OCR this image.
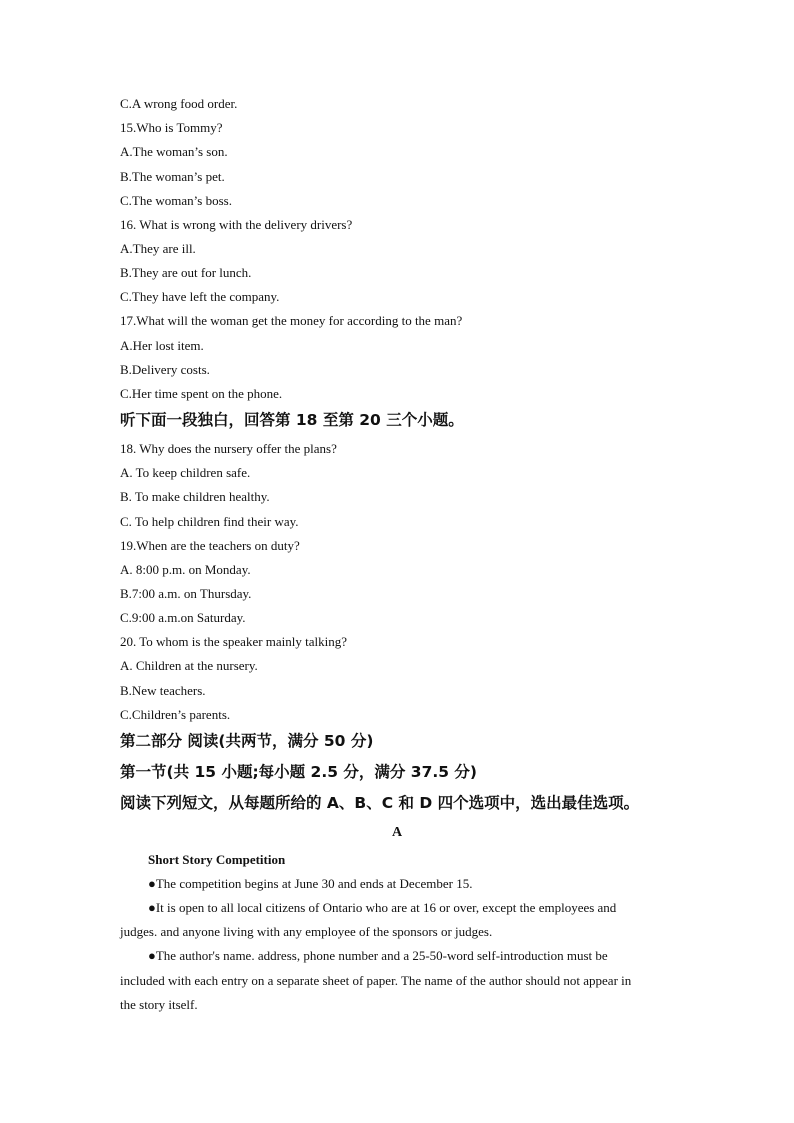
C.A wrong food order.
15.Who is Tommy?
A.The woman’s son.
B.The woman’s pet.
C.The woman’s boss.
16. What is wrong with the delivery drivers?
A.They are ill.
B.They are out for lunch.
C.They have left the company.
17.What will the woman get the money for according to the man?
A.Her lost item.
B.Delivery costs.
C.Her time spent on the phone.
听下面一段独白，回答第 18 至第 20 三个小题。
18. Why does the nursery offer the plans?
A. To keep children safe.
B. To make children healthy.
C. To help children find their way.
19.When are the teachers on duty?
A. 8:00 p.m. on Monday.
B.7:00 a.m. on Thursday.
C.9:00 a.m.on Saturday.
20. To whom is the speaker mainly talking?
A. Children at the nursery.
B.New teachers.
C.Children’s parents.
第二部分 阅读(共两节，满分 50 分)
第一节(共 15 小题;每小题 2.5 分，满分 37.5 分)
阅读下列短文，从每题所给的 A、B、C 和 D 四个选项中，选出最佳选项。
A
Short Story Competition
●The competition begins at June 30 and ends at December 15.
●It is open to all local citizens of Ontario who are at 16 or over, except the employees and
judges. and anyone living with any employee of the sponsors or judges.
●The author's name. address, phone number and a 25-50-word self-introduction must be
included with each entry on a separate sheet of paper. The name of the author should not appear in
the story itself.
